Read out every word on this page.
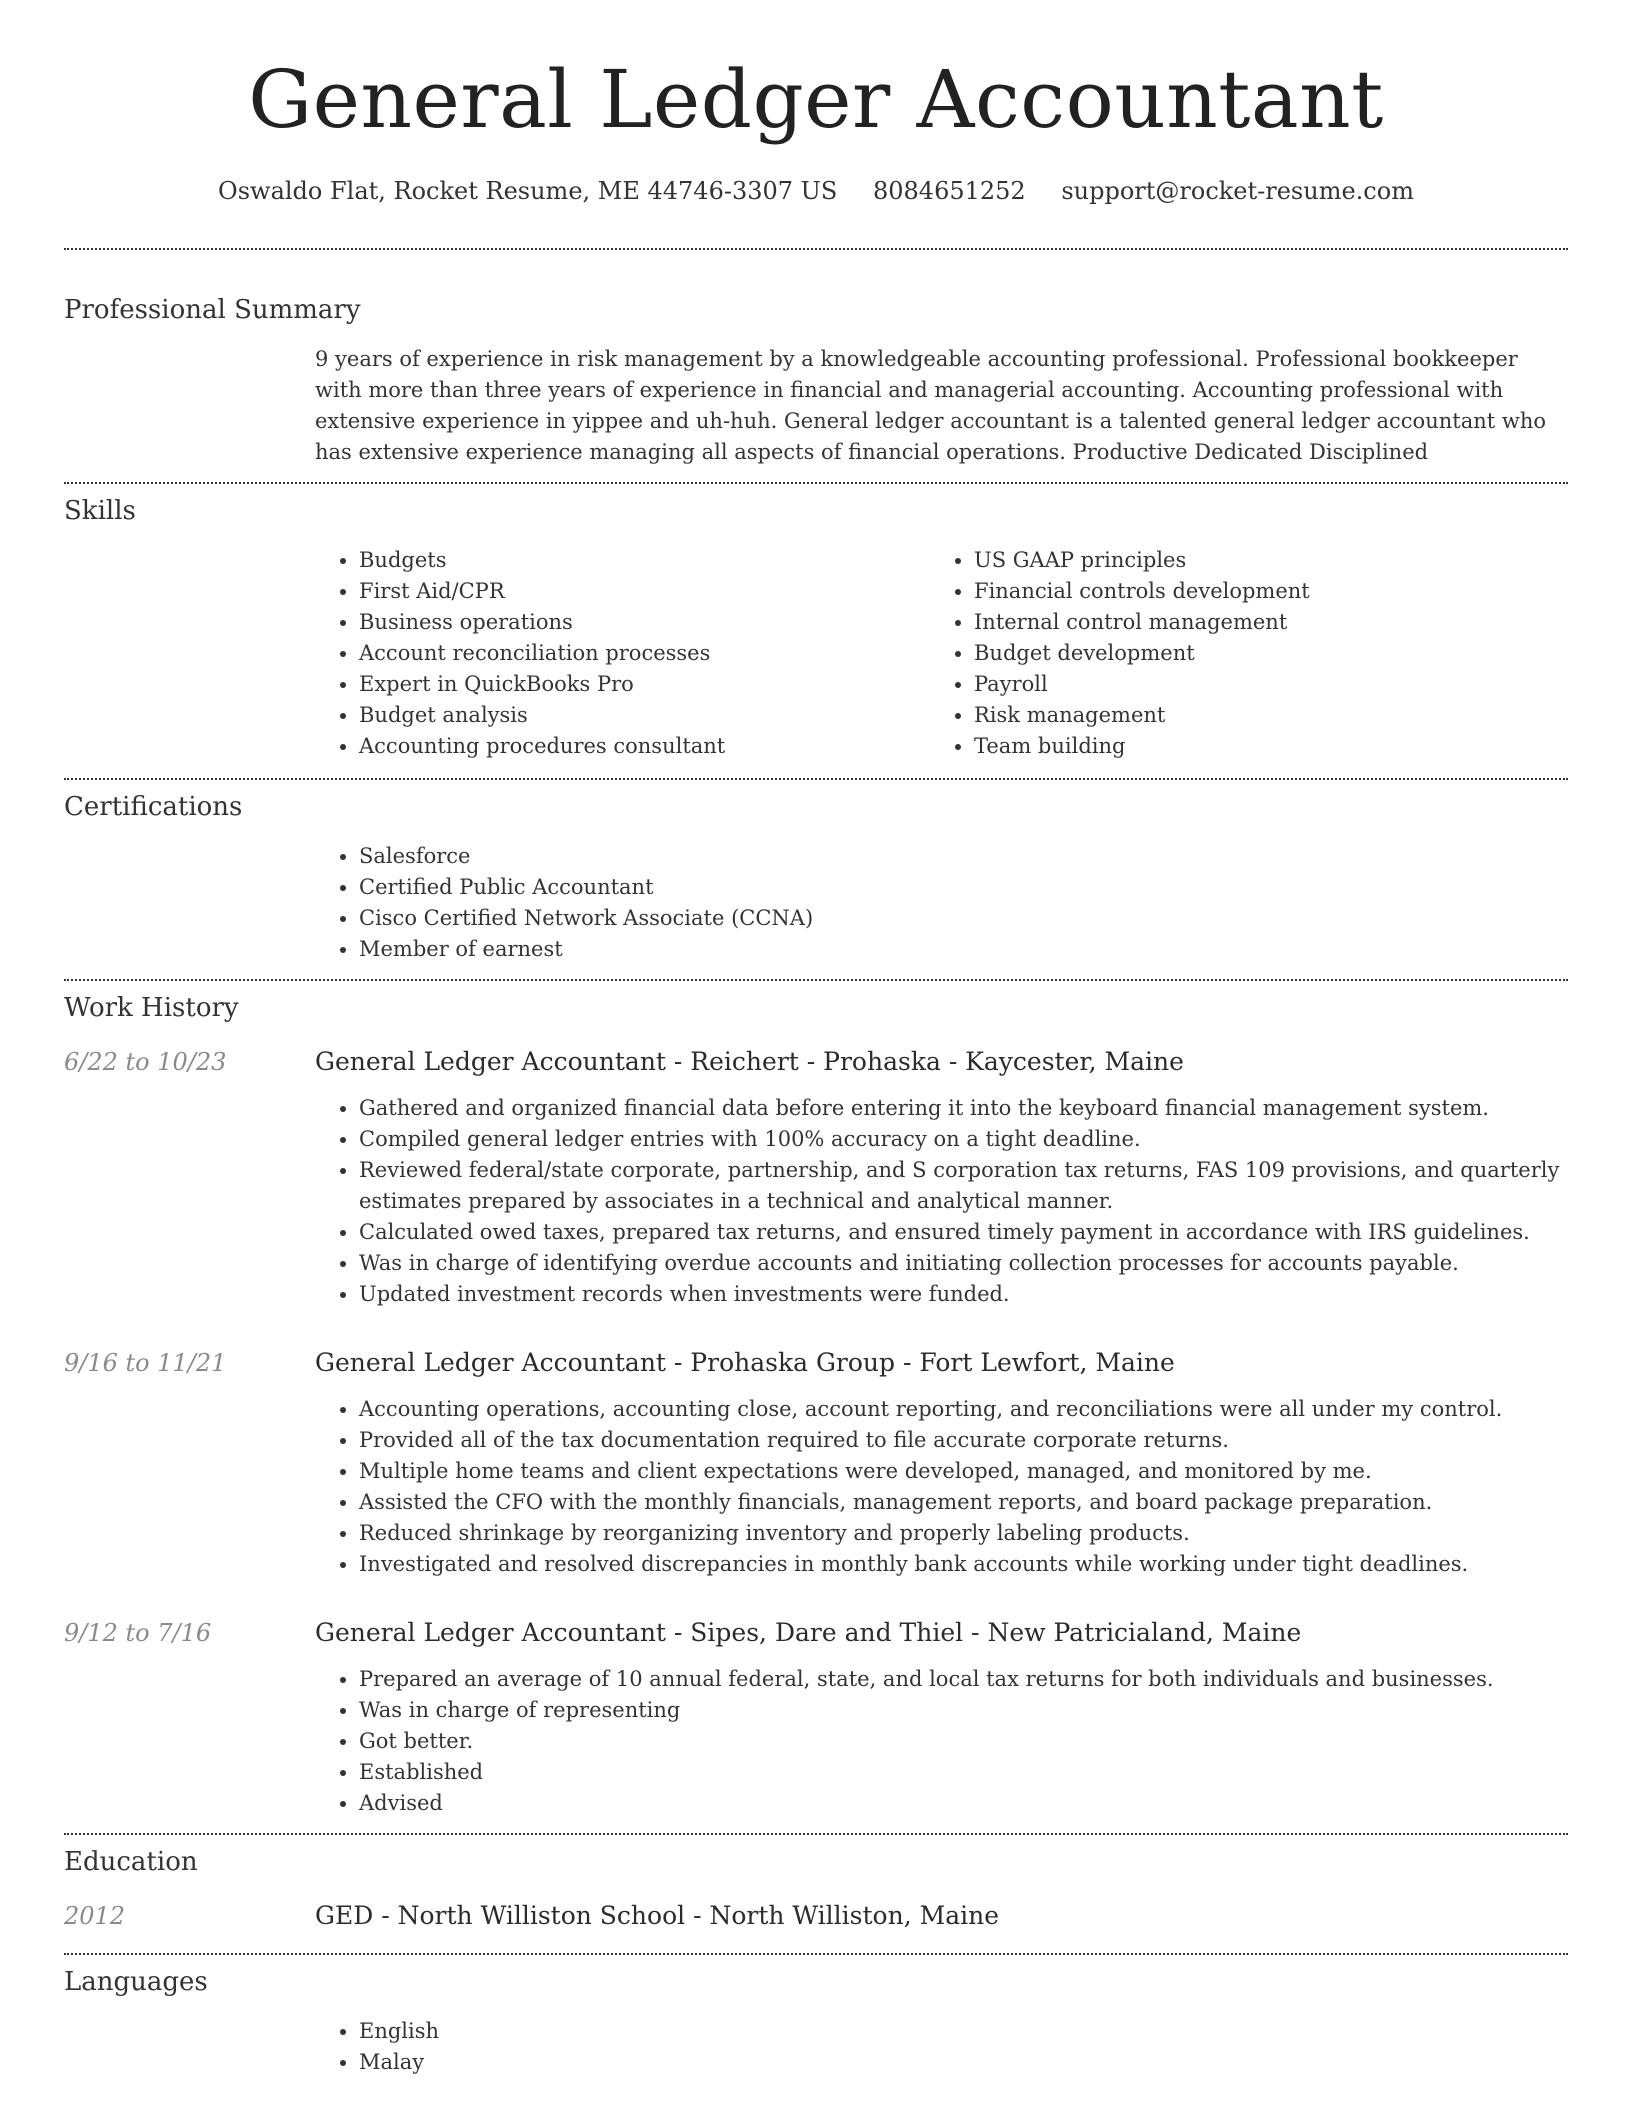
General Ledger Accountant
Oswaldo Flat, Rocket Resume, ME 44746-3307 US 8084651252 support@rocket-resume.com
Professional Summary
9 years of experience in risk management by a knowledgeable accounting professional. Professional bookkeeper with more than three years of experience in financial and managerial accounting. Accounting professional with extensive experience in yippee and uh-huh. General ledger accountant is a talented general ledger accountant who has extensive experience managing all aspects of financial operations. Productive Dedicated Disciplined
Skills
• Budgets
• First Aid/CPR
• Business operations
• Account reconciliation processes
• Expert in QuickBooks Pro
• Budget analysis
• Accounting procedures consultant
• US GAAP principles
• Financial controls development
• Internal control management
• Budget development
• Payroll
• Risk management
• Team building
Certifications
• Salesforce
• Certified Public Accountant
• Cisco Certified Network Associate (CCNA)
• Member of earnest
Work History
6/22 to 10/23	General Ledger Accountant - Reichert - Prohaska - Kaycester, Maine
• Gathered and organized financial data before entering it into the keyboard financial management system.
• Compiled general ledger entries with 100% accuracy on a tight deadline.
• Reviewed federal/state corporate, partnership, and S corporation tax returns, FAS 109 provisions, and quarterly estimates prepared by associates in a technical and analytical manner.
• Calculated owed taxes, prepared tax returns, and ensured timely payment in accordance with IRS guidelines.
• Was in charge of identifying overdue accounts and initiating collection processes for accounts payable.
• Updated investment records when investments were funded.
9/16 to 11/21	General Ledger Accountant - Prohaska Group - Fort Lewfort, Maine
• Accounting operations, accounting close, account reporting, and reconciliations were all under my control.
• Provided all of the tax documentation required to file accurate corporate returns.
• Multiple home teams and client expectations were developed, managed, and monitored by me.
• Assisted the CFO with the monthly financials, management reports, and board package preparation.
• Reduced shrinkage by reorganizing inventory and properly labeling products.
• Investigated and resolved discrepancies in monthly bank accounts while working under tight deadlines.
9/12 to 7/16	General Ledger Accountant - Sipes, Dare and Thiel - New Patricialand, Maine
• Prepared an average of 10 annual federal, state, and local tax returns for both individuals and businesses.
• Was in charge of representing
• Got better.
• Established
• Advised
Education
2012	GED - North Williston School - North Williston, Maine
Languages
• English
• Malay
